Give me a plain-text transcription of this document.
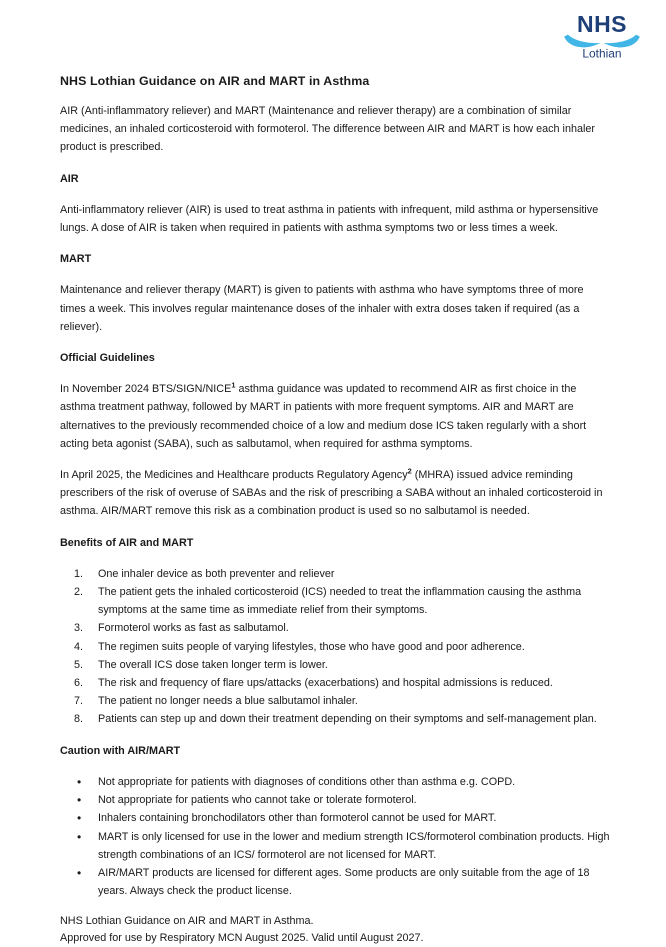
NHS
Lothian
NHS Lothian Guidance on AIR and MART in Asthma

AIR (Anti-inflammatory reliever) and MART (Maintenance and reliever therapy) are a combination of similar medicines, an inhaled corticosteroid with formoterol. The difference between AIR and MART is how each inhaler product is prescribed.

AIR

Anti-inflammatory reliever (AIR) is used to treat asthma in patients with infrequent, mild asthma or hypersensitive lungs. A dose of AIR is taken when required in patients with asthma symptoms two or less times a week.

MART

Maintenance and reliever therapy (MART) is given to patients with asthma who have symptoms three of more times a week. This involves regular maintenance doses of the inhaler with extra doses taken if required (as a reliever).

Official Guidelines

In November 2024 BTS/SIGN/NICE$^1$ asthma guidance was updated to recommend AIR as first choice in the asthma treatment pathway, followed by MART in patients with more frequent symptoms. AIR and MART are alternatives to the previously recommended choice of a low and medium dose ICS taken regularly with a short acting beta agonist (SABA), such as salbutamol, when required for asthma symptoms.

In April 2025, the Medicines and Healthcare products Regulatory Agency$^2$ (MHRA) issued advice reminding prescribers of the risk of overuse of SABAs and the risk of prescribing a SABA without an inhaled corticosteroid in asthma. AIR/MART remove this risk as a combination product is used so no salbutamol is needed.

Benefits of AIR and MART
1.	One inhaler device as both preventer and reliever
2.	The patient gets the inhaled corticosteroid (ICS) needed to treat the inflammation causing the asthma symptoms at the same time as immediate relief from their symptoms.
3.	Formoterol works as fast as salbutamol.
4.	The regimen suits people of varying lifestyles, those who have good and poor adherence.
5.	The overall ICS dose taken longer term is lower.
6.	The risk and frequency of flare ups/attacks (exacerbations) and hospital admissions is reduced.
7.	The patient no longer needs a blue salbutamol inhaler.
8.	Patients can step up and down their treatment depending on their symptoms and self-management plan.
Caution with AIR/MART
•	Not appropriate for patients with diagnoses of conditions other than asthma e.g. COPD.
•	Not appropriate for patients who cannot take or tolerate formoterol.
•	Inhalers containing bronchodilators other than formoterol cannot be used for MART.
•	MART is only licensed for use in the lower and medium strength ICS/formoterol combination products. High strength combinations of an ICS/ formoterol are not licensed for MART.
•	AIR/MART products are licensed for different ages. Some products are only suitable from the age of 18 years. Always check the product license.

NHS Lothian Guidance on AIR and MART in Asthma.

Approved for use by Respiratory MCN August 2025. Valid until August 2027.
